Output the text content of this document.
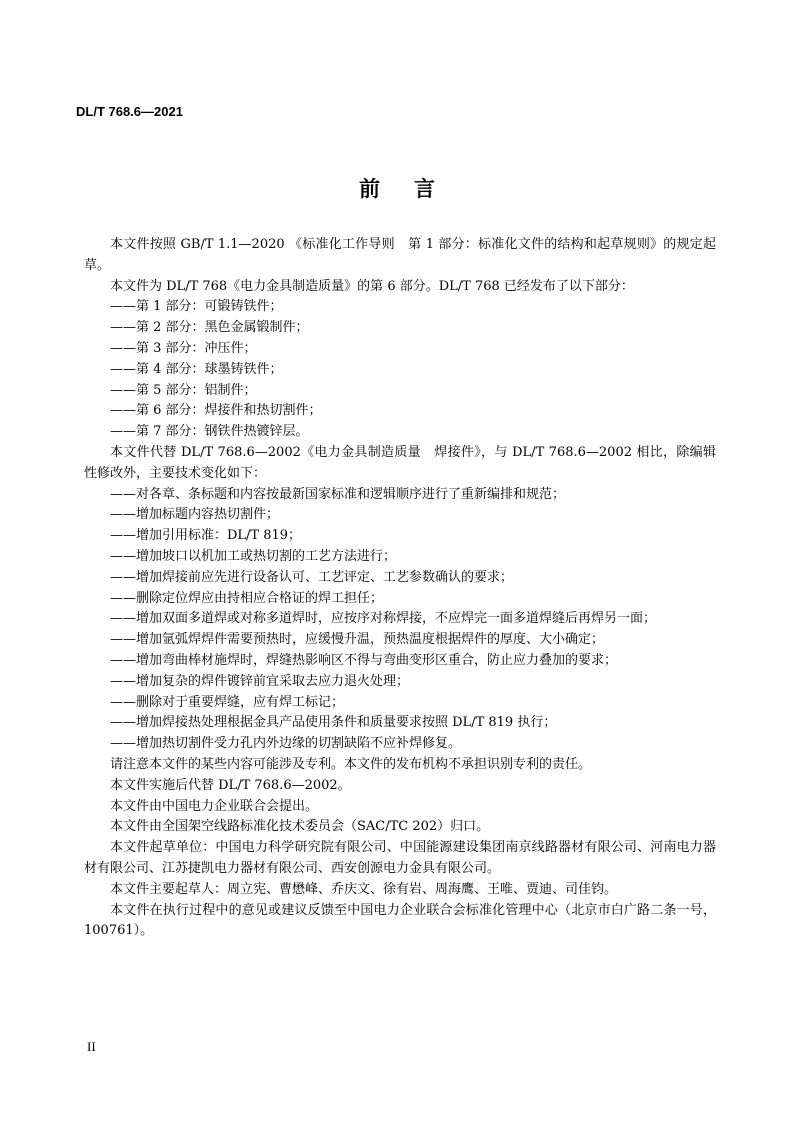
DL/T 768.6—2021
前言

本文件按照 GB/T 1.1—2020 《标准化工作导则　第 1 部分：标准化文件的结构和起草规则》的规定起草。

本文件为 DL/T 768《电力金具制造质量》的第 6 部分。DL/T 768 已经发布了以下部分：

——第 1 部分：可锻铸铁件；

——第 2 部分：黑色金属锻制件；

——第 3 部分：冲压件；

——第 4 部分：球墨铸铁件；

——第 5 部分：铝制件；

——第 6 部分：焊接件和热切割件；

——第 7 部分：钢铁件热镀锌层。

本文件代替 DL/T 768.6—2002《电力金具制造质量　焊接件》，与 DL/T 768.6—2002 相比，除编辑性修改外，主要技术变化如下：

——对各章、条标题和内容按最新国家标准和逻辑顺序进行了重新编排和规范；

——增加标题内容热切割件；

——增加引用标准：DL/T 819；

——增加坡口以机加工或热切割的工艺方法进行；

——增加焊接前应先进行设备认可、工艺评定、工艺参数确认的要求；

——删除定位焊应由持相应合格证的焊工担任；

——增加双面多道焊或对称多道焊时，应按序对称焊接，不应焊完一面多道焊缝后再焊另一面；

——增加氩弧焊焊件需要预热时，应缓慢升温，预热温度根据焊件的厚度、大小确定；

——增加弯曲棒材施焊时，焊缝热影响区不得与弯曲变形区重合，防止应力叠加的要求；

——增加复杂的焊件镀锌前宜采取去应力退火处理；

——删除对于重要焊缝，应有焊工标记；

——增加焊接热处理根据金具产品使用条件和质量要求按照 DL/T 819 执行；

——增加热切割件受力孔内外边缘的切割缺陷不应补焊修复。

请注意本文件的某些内容可能涉及专利。本文件的发布机构不承担识别专利的责任。

本文件实施后代替 DL/T 768.6—2002。

本文件由中国电力企业联合会提出。

本文件由全国架空线路标准化技术委员会（SAC/TC 202）归口。

本文件起草单位：中国电力科学研究院有限公司、中国能源建设集团南京线路器材有限公司、河南电力器材有限公司、江苏捷凯电力器材有限公司、西安创源电力金具有限公司。

本文件主要起草人：周立宪、曹懋峰、乔庆文、徐有岩、周海鹰、王唯、贾迪、司佳钧。

本文件在执行过程中的意见或建议反馈至中国电力企业联合会标准化管理中心（北京市白广路二条一号，100761）。

II
